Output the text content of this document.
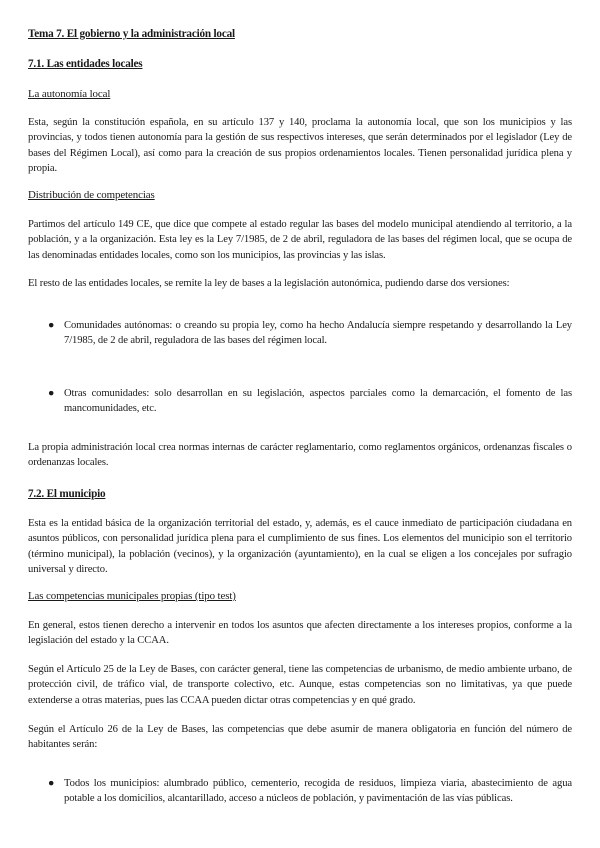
Tema 7. El gobierno y la administración local
7.1. Las entidades locales
La autonomía local

Esta, según la constitución española, en su artículo 137 y 140, proclama la autonomía local, que son los municipios y las provincias, y todos tienen autonomía para la gestión de sus respectivos intereses, que serán determinados por el legislador (Ley de bases del Régimen Local), así como para la creación de sus propios ordenamientos locales. Tienen personalidad jurídica plena y propia.

Distribución de competencias

Partimos del artículo 149 CE, que dice que compete al estado regular las bases del modelo municipal atendiendo al territorio, a la población, y a la organización. Esta ley es la Ley 7/1985, de 2 de abril, reguladora de las bases del régimen local, que se ocupa de las denominadas entidades locales, como son los municipios, las provincias y las islas.

El resto de las entidades locales, se remite la ley de bases a la legislación autonómica, pudiendo darse dos versiones:

● Comunidades autónomas: o creando su propia ley, como ha hecho Andalucía siempre respetando y desarrollando la Ley 7/1985, de 2 de abril, reguladora de las bases del régimen local.
● Otras comunidades: solo desarrollan en su legislación, aspectos parciales como la demarcación, el fomento de las mancomunidades, etc.

La propia administración local crea normas internas de carácter reglamentario, como reglamentos orgánicos, ordenanzas fiscales o ordenanzas locales.

7.2. El municipio

Esta es la entidad básica de la organización territorial del estado, y, además, es el cauce inmediato de participación ciudadana en asuntos públicos, con personalidad jurídica plena para el cumplimiento de sus fines. Los elementos del municipio son el territorio (término municipal), la población (vecinos), y la organización (ayuntamiento), en la cual se eligen a los concejales por sufragio universal y directo.

Las competencias municipales propias (tipo test)

En general, estos tienen derecho a intervenir en todos los asuntos que afecten directamente a los intereses propios, conforme a la legislación del estado y la CCAA.

Según el Artículo 25 de la Ley de Bases, con carácter general, tiene las competencias de urbanismo, de medio ambiente urbano, de protección civil, de tráfico vial, de transporte colectivo, etc. Aunque, estas competencias son no limitativas, ya que puede extenderse a otras materias, pues las CCAA pueden dictar otras competencias y en qué grado.

Según el Artículo 26 de la Ley de Bases, las competencias que debe asumir de manera obligatoria en función del número de habitantes serán:

● Todos los municipios: alumbrado público, cementerio, recogida de residuos, limpieza viaria, abastecimiento de agua potable a los domicilios, alcantarillado, acceso a núcleos de población, y pavimentación de las vías públicas.
